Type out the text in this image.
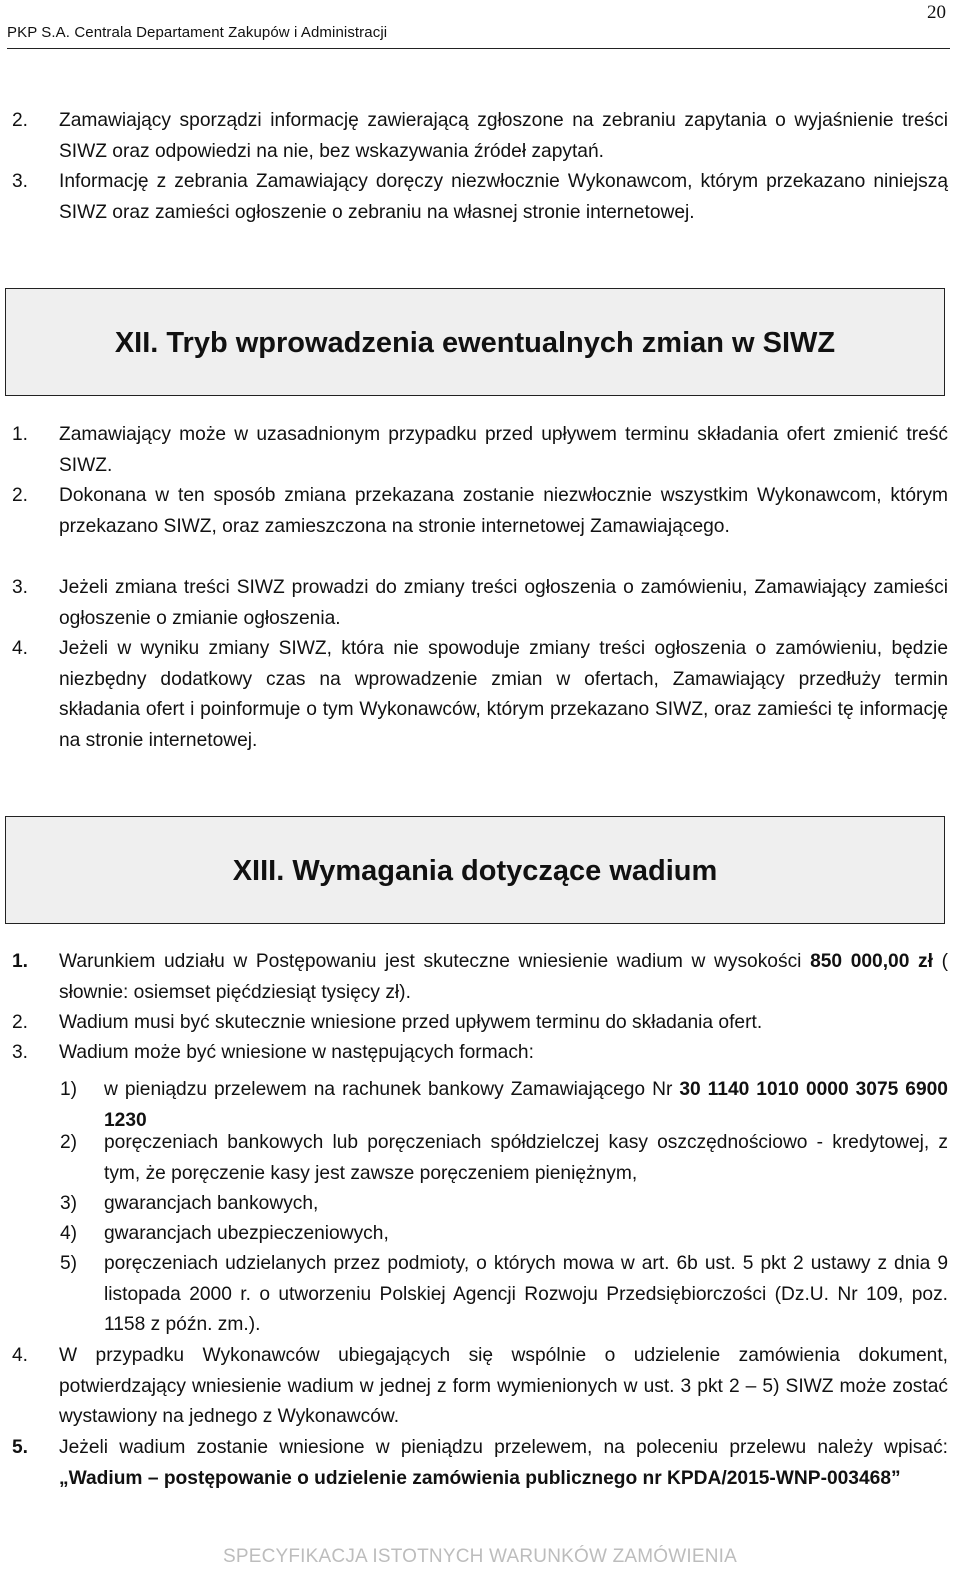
PKP S.A. Centrala Departament Zakupów i Administracji
20
2. Zamawiający sporządzi informację zawierającą zgłoszone na zebraniu zapytania o wyjaśnienie treści SIWZ oraz odpowiedzi na nie, bez wskazywania źródeł zapytań.
3. Informację z zebrania Zamawiający doręczy niezwłocznie Wykonawcom, którym przekazano niniejszą SIWZ oraz zamieści ogłoszenie o zebraniu na własnej stronie internetowej.
XII. Tryb wprowadzenia ewentualnych zmian w SIWZ
1. Zamawiający może w uzasadnionym przypadku przed upływem terminu składania ofert zmienić treść SIWZ.
2. Dokonana w ten sposób zmiana przekazana zostanie niezwłocznie wszystkim Wykonawcom, którym przekazano SIWZ, oraz zamieszczona na stronie internetowej Zamawiającego.
3. Jeżeli zmiana treści SIWZ prowadzi do zmiany treści ogłoszenia o zamówieniu, Zamawiający zamieści ogłoszenie o zmianie ogłoszenia.
4. Jeżeli w wyniku zmiany SIWZ, która nie spowoduje zmiany treści ogłoszenia o zamówieniu, będzie niezbędny dodatkowy czas na wprowadzenie zmian w ofertach, Zamawiający przedłuży termin składania ofert i poinformuje o tym Wykonawców, którym przekazano SIWZ, oraz zamieści tę informację na stronie internetowej.
XIII. Wymagania dotyczące wadium
1. Warunkiem udziału w Postępowaniu jest skuteczne wniesienie wadium w wysokości 850 000,00 zł ( słownie: osiemset pięćdziesiąt tysięcy zł).
2. Wadium musi być skutecznie wniesione przed upływem terminu do składania ofert.
3. Wadium może być wniesione w następujących formach:
1) w pieniądzu przelewem na rachunek bankowy Zamawiającego Nr 30 1140 1010 0000 3075 6900 1230
2) poręczeniach bankowych lub poręczeniach spółdzielczej kasy oszczędnościowo - kredytowej, z tym, że poręczenie kasy jest zawsze poręczeniem pieniężnym,
3) gwarancjach bankowych,
4) gwarancjach ubezpieczeniowych,
5) poręczeniach udzielanych przez podmioty, o których mowa w art. 6b ust. 5 pkt 2 ustawy z dnia 9 listopada 2000 r. o utworzeniu Polskiej Agencji Rozwoju Przedsiębiorczości (Dz.U. Nr 109, poz. 1158 z późn. zm.).
4. W przypadku Wykonawców ubiegających się wspólnie o udzielenie zamówienia dokument, potwierdzający wniesienie wadium w jednej z form wymienionych w ust. 3 pkt 2 – 5) SIWZ może zostać wystawiony na jednego z Wykonawców.
5. Jeżeli wadium zostanie wniesione w pieniądzu przelewem, na poleceniu przelewu należy wpisać: „Wadium – postępowanie o udzielenie zamówienia publicznego nr KPDA/2015-WNP-003468”
SPECYFIKACJA ISTOTNYCH WARUNKÓW ZAMÓWIENIA
